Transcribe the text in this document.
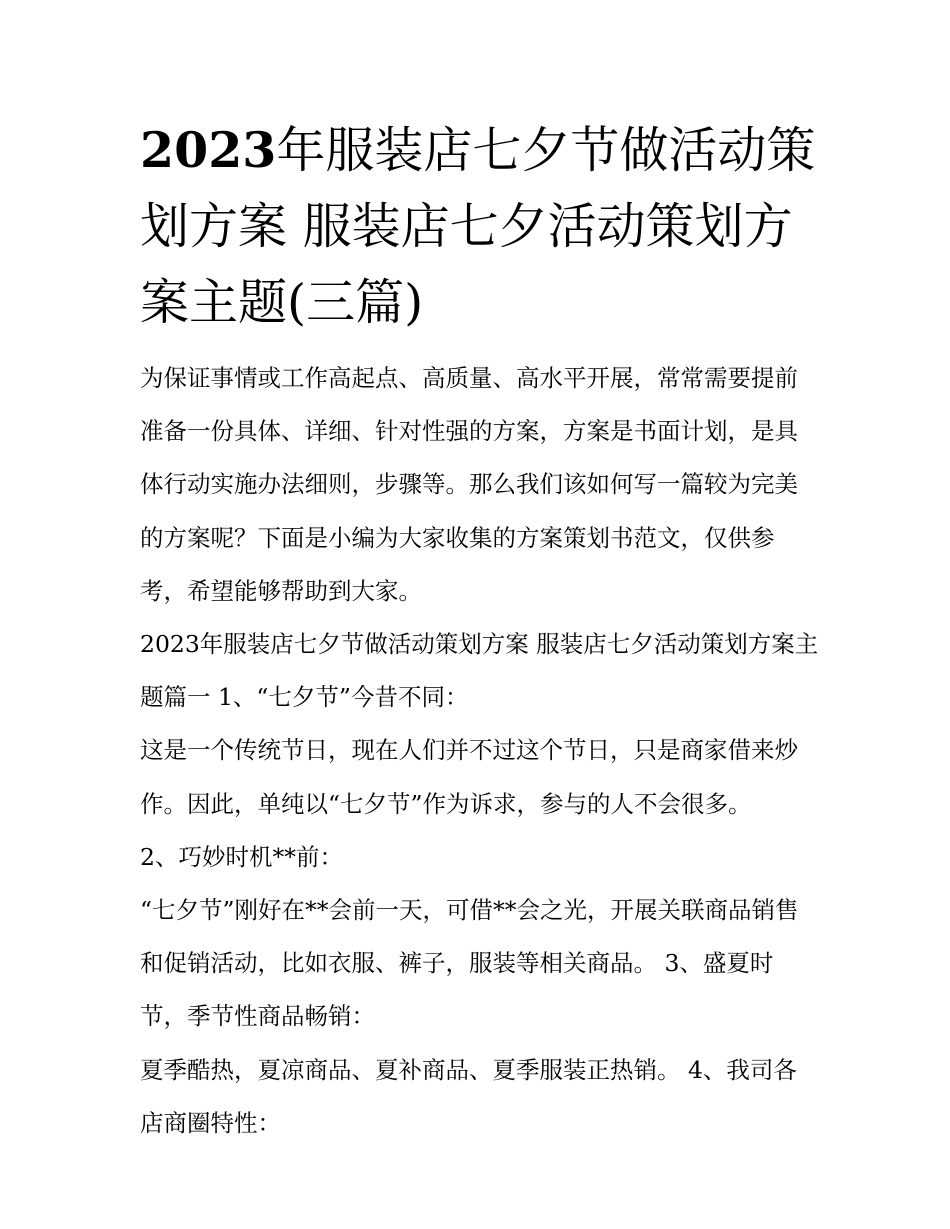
2023年服装店七夕节做活动策划方案 服装店七夕活动策划方案主题(三篇)

为保证事情或工作高起点、高质量、高水平开展，常常需要提前准备一份具体、详细、针对性强的方案，方案是书面计划，是具体行动实施办法细则，步骤等。那么我们该如何写一篇较为完美的方案呢？下面是小编为大家收集的方案策划书范文，仅供参考，希望能够帮助到大家。

2023年服装店七夕节做活动策划方案 服装店七夕活动策划方案主题篇一 1、“七夕节”今昔不同：

这是一个传统节日，现在人们并不过这个节日，只是商家借来炒作。因此，单纯以“七夕节”作为诉求，参与的人不会很多。

2、巧妙时机**前：

“七夕节”刚好在**会前一天，可借**会之光，开展关联商品销售和促销活动，比如衣服、裤子，服装等相关商品。 3、盛夏时节，季节性商品畅销：

夏季酷热，夏凉商品、夏补商品、夏季服装正热销。 4、我司各店商圈特性：
